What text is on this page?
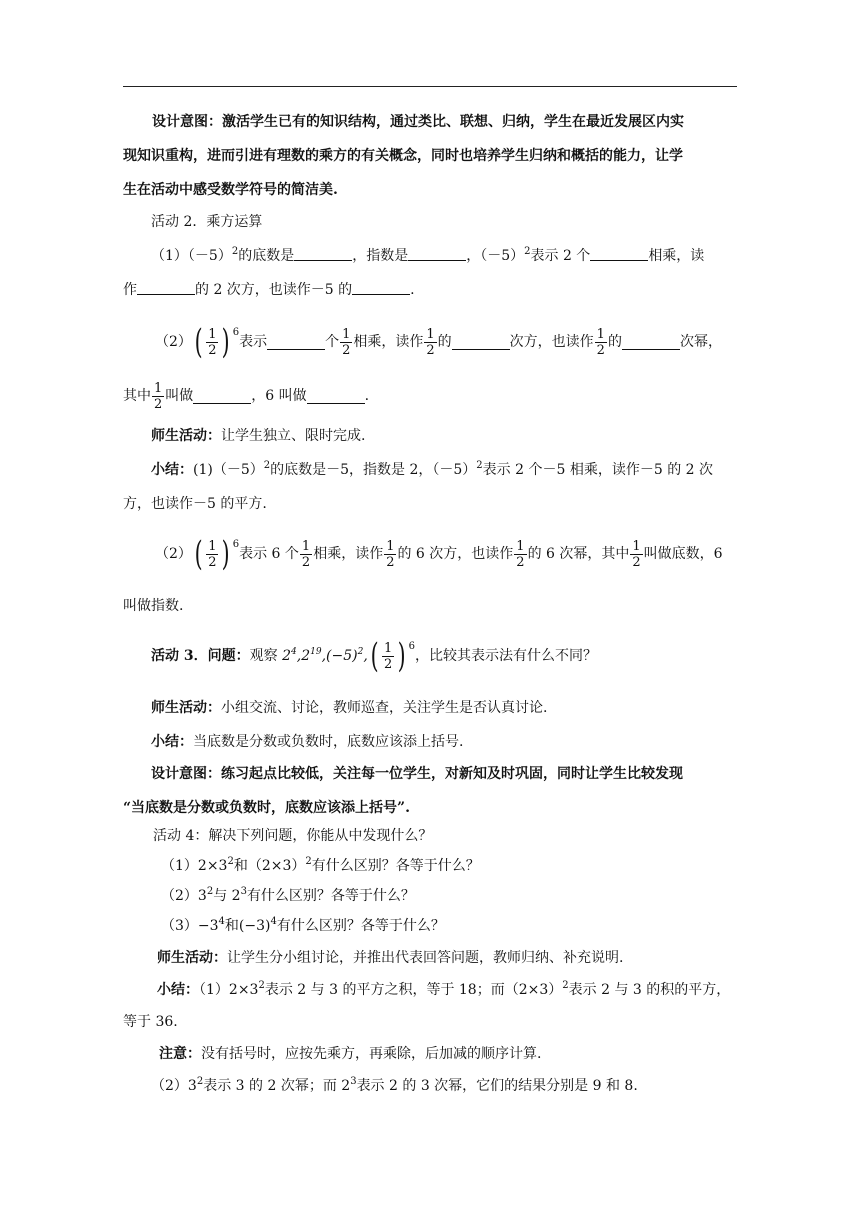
设计意图：激活学生已有的知识结构，通过类比、联想、归纳，学生在最近发展区内实
现知识重构，进而引进有理数的乘方的有关概念，同时也培养学生归纳和概括的能力，让学
生在活动中感受数学符号的简洁美.
活动 2．乘方运算
$(1)(-5)^2$的底数是	，指数是	，$(-5)^2$表示 2 个	相乘，读
作	的 2 次方，也读作－5 的	.
（2） ( $\frac{1}{2}$ ) 6
表示	个 $\frac{1}{2}$ 相乘，读作 $\frac{1}{2}$ 的	次方，也读作 $\frac{1}{2}$ 的	次幂，
其中 $\frac{1}{2}$ 叫做	，6 叫做	.
师生活动：让学生独立、限时完成.
小结：$(1)(-5)^2$的底数是－5，指数是 2，$(-5)^2$表示 2 个－5 相乘，读作－5 的 2 次
方，也读作－5 的平方.
（2） ( $\frac{1}{2}$ ) 6
表示 6 个 $\frac{1}{2}$ 相乘，读作 $\frac{1}{2}$ 的 6 次方，也读作 $\frac{1}{2}$ 的 6 次幂，其中 $\frac{1}{2}$ 叫做底数，6
叫做指数.
活动 3．问题： 观察 $2^4,2^{19},(-5)^2$, ( $\frac{1}{2}$ ) 6
，比较其表示法有什么不同？
师生活动：小组交流、讨论，教师巡查，关注学生是否认真讨论.
小结：当底数是分数或负数时，底数应该添上括号.
设计意图：练习起点比较低，关注每一位学生，对新知及时巩固，同时让学生比较发现
“当底数是分数或负数时，底数应该添上括号”.
活动 4：解决下列问题，你能从中发现什么？
$(1)2\times 3^2$和$(2\times 3)^2$有什么区别？各等于什么？
$(2)3^2$与 $2^3$有什么区别？各等于什么？
$(3)-3^4$和$(-3)^4$有什么区别？各等于什么？
师生活动：让学生分小组讨论，并推出代表回答问题，教师归纳、补充说明.
小结：$(1)2\times 3^2$表示 2 与 3 的平方之积，等于 18；而$(2\times 3)^2$表示 2 与 3 的积的平方，
等于 36.
注意：没有括号时，应按先乘方，再乘除，后加减的顺序计算.
$(2)3^2$表示 3 的 2 次幂；而 $2^3$表示 2 的 3 次幂，它们的结果分别是 9 和 8.
